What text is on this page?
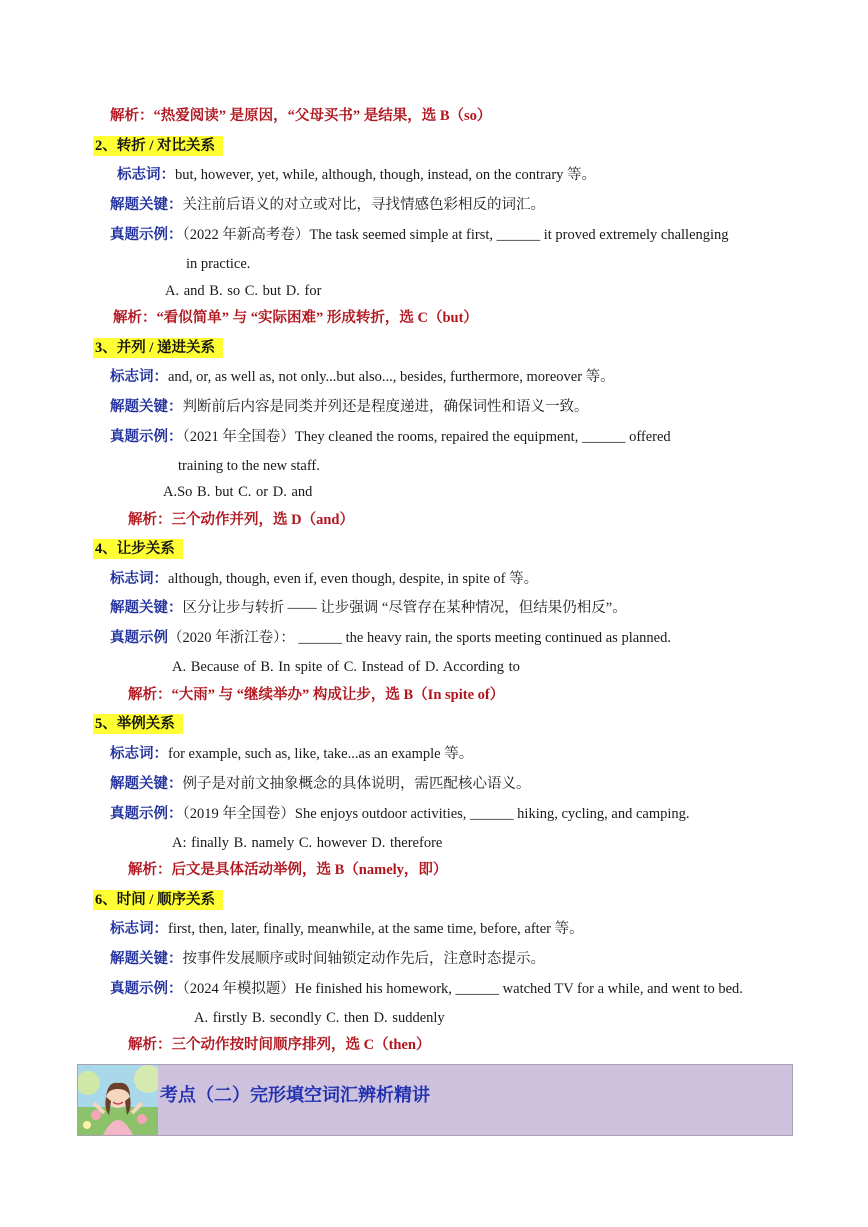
解析：“热爱阅读” 是原因，“父母买书” 是结果，选 B（so）
2、转折 / 对比关系
标志词：but, however, yet, while, although, though, instead, on the contrary 等。
解题关键：关注前后语义的对立或对比，寻找情感色彩相反的词汇。
真题示例：（2022 年新高考卷）The task seemed simple at first, ______ it proved extremely challenging
in practice.
A. and B. so C. but D. for
解析：“看似简单” 与 “实际困难” 形成转折，选 C（but）
3、并列 / 递进关系
标志词：and, or, as well as, not only...but also..., besides, furthermore, moreover 等。
解题关键：判断前后内容是同类并列还是程度递进，确保词性和语义一致。
真题示例：（2021 年全国卷）They cleaned the rooms, repaired the equipment, ______ offered
training to the new staff.
A.So B. but C. or D. and
解析：三个动作并列，选 D（and）
4、让步关系
标志词：although, though, even if, even though, despite, in spite of 等。
解题关键：区分让步与转折 —— 让步强调 “尽管存在某种情况，但结果仍相反”。
真题示例（2020 年浙江卷）： ______ the heavy rain, the sports meeting continued as planned.
A. Because of B. In spite of C. Instead of D. According to
解析：“大雨” 与 “继续举办” 构成让步，选 B（In spite of）
5、举例关系
标志词：for example, such as, like, take...as an example 等。
解题关键：例子是对前文抽象概念的具体说明，需匹配核心语义。
真题示例：（2019 年全国卷）She enjoys outdoor activities, ______ hiking, cycling, and camping.
A: finally B. namely C. however D. therefore
解析：后文是具体活动举例，选 B（namely，即）
6、时间 / 顺序关系
标志词：first, then, later, finally, meanwhile, at the same time, before, after 等。
解题关键：按事件发展顺序或时间轴锁定动作先后，注意时态提示。
真题示例：（2024 年模拟题）He finished his homework, ______ watched TV for a while, and went to bed.
A. firstly B. secondly C. then D. suddenly
解析：三个动作按时间顺序排列，选 C（then）
考点（二）完形填空词汇辨析精讲
